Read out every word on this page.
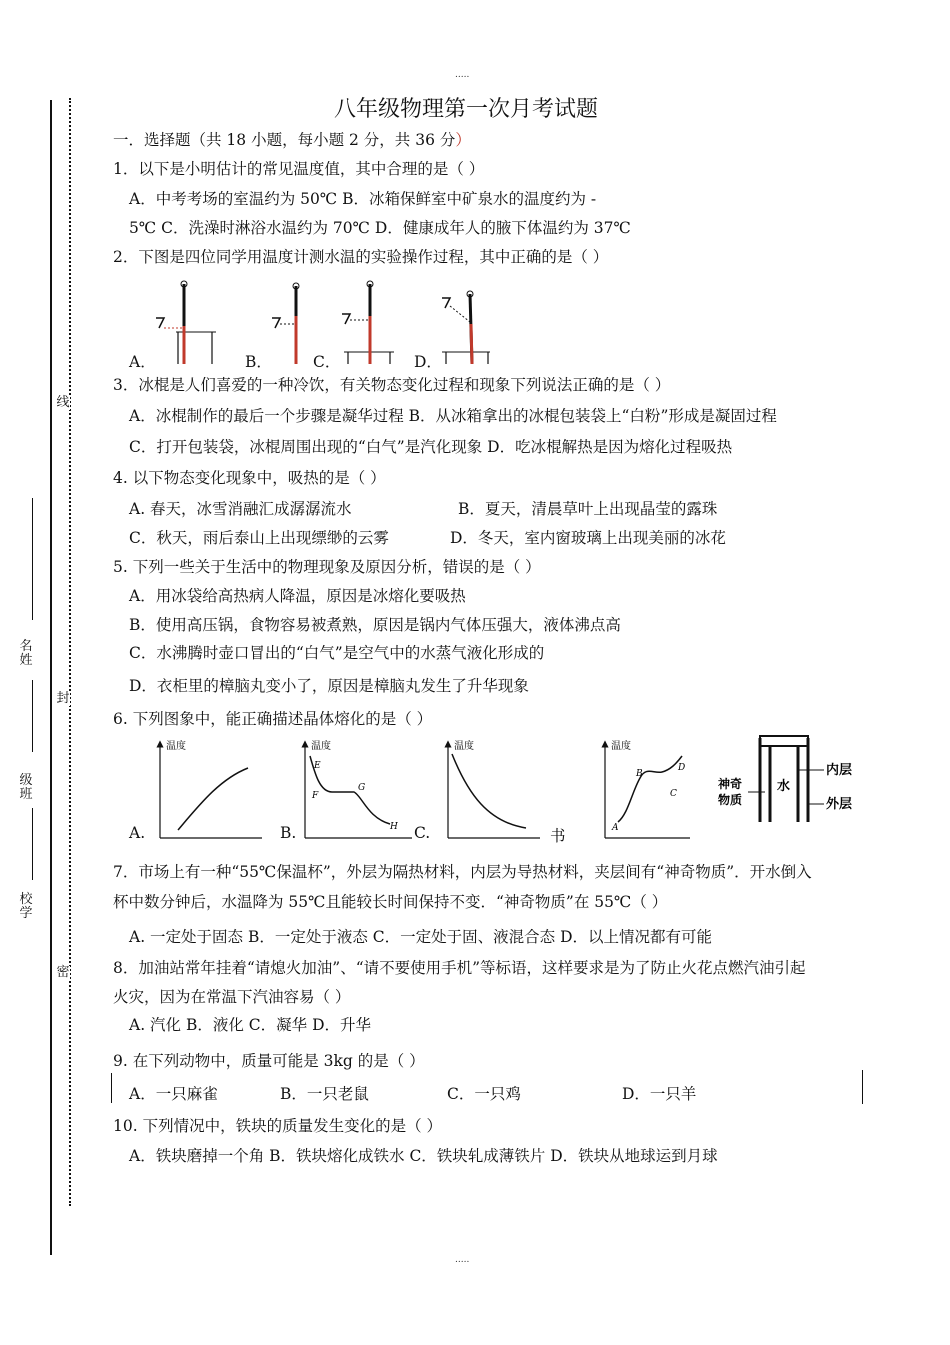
.....
.....
线
封
密
名姓
级班
校学
八年级物理第一次月考试题
一．选择题（共 18 小题，每小题 2 分，共 36 分）
1．以下是小明估计的常见温度值，其中合理的是（ ）
A．中考考场的室温约为 50℃ B．冰箱保鲜室中矿泉水的温度约为 -
5℃ C．洗澡时淋浴水温约为 70℃ D．健康成年人的腋下体温约为 37℃
2．下图是四位同学用温度计测水温的实验操作过程，其中正确的是（ ）
A．	B．	C．	D．
3．冰棍是人们喜爱的一种冷饮，有关物态变化过程和现象下列说法正确的是（ ）
A．冰棍制作的最后一个步骤是凝华过程 B．从冰箱拿出的冰棍包装袋上“白粉”形成是凝固过程
C．打开包装袋，冰棍周围出现的“白气”是汽化现象 D．吃冰棍解热是因为熔化过程吸热
4. 以下物态变化现象中，吸热的是（ ）
A. 春天，冰雪消融汇成潺潺流水	B．夏天，清晨草叶上出现晶莹的露珠
C．秋天，雨后泰山上出现缥缈的云雾	D．冬天，室内窗玻璃上出现美丽的冰花
5. 下列一些关于生活中的物理现象及原因分析，错误的是（ ）
A．用冰袋给高热病人降温，原因是冰熔化要吸热
B．使用高压锅，食物容易被煮熟，原因是锅内气体压强大，液体沸点高
C．水沸腾时壶口冒出的“白气”是空气中的水蒸气液化形成的
D．衣柜里的樟脑丸变小了，原因是樟脑丸发生了升华现象
6. 下列图象中，能正确描述晶体熔化的是（ ）
温度	温度
E
F
G
H
温度	温度
A
B
C
D
水
神奇
物质
内层
外层
A.	B.	C.	书
7．市场上有一种“55℃保温杯”，外层为隔热材料，内层为导热材料，夹层间有“神奇物质”．开水倒入
杯中数分钟后，水温降为 55℃且能较长时间保持不变．“神奇物质”在 55℃（ ）
A. 一定处于固态 B．一定处于液态 C．一定处于固、液混合态 D．以上情况都有可能
8．加油站常年挂着“请熄火加油”、“请不要使用手机”等标语，这样要求是为了防止火花点燃汽油引起
火灾，因为在常温下汽油容易（ ）
A. 汽化 B．液化 C．凝华 D．升华
9. 在下列动物中，质量可能是 3kg 的是（ ）
A．一只麻雀	B．一只老鼠	C．一只鸡	D．一只羊
10. 下列情况中，铁块的质量发生变化的是（ ）
A．铁块磨掉一个角 B．铁块熔化成铁水 C．铁块轧成薄铁片 D．铁块从地球运到月球
